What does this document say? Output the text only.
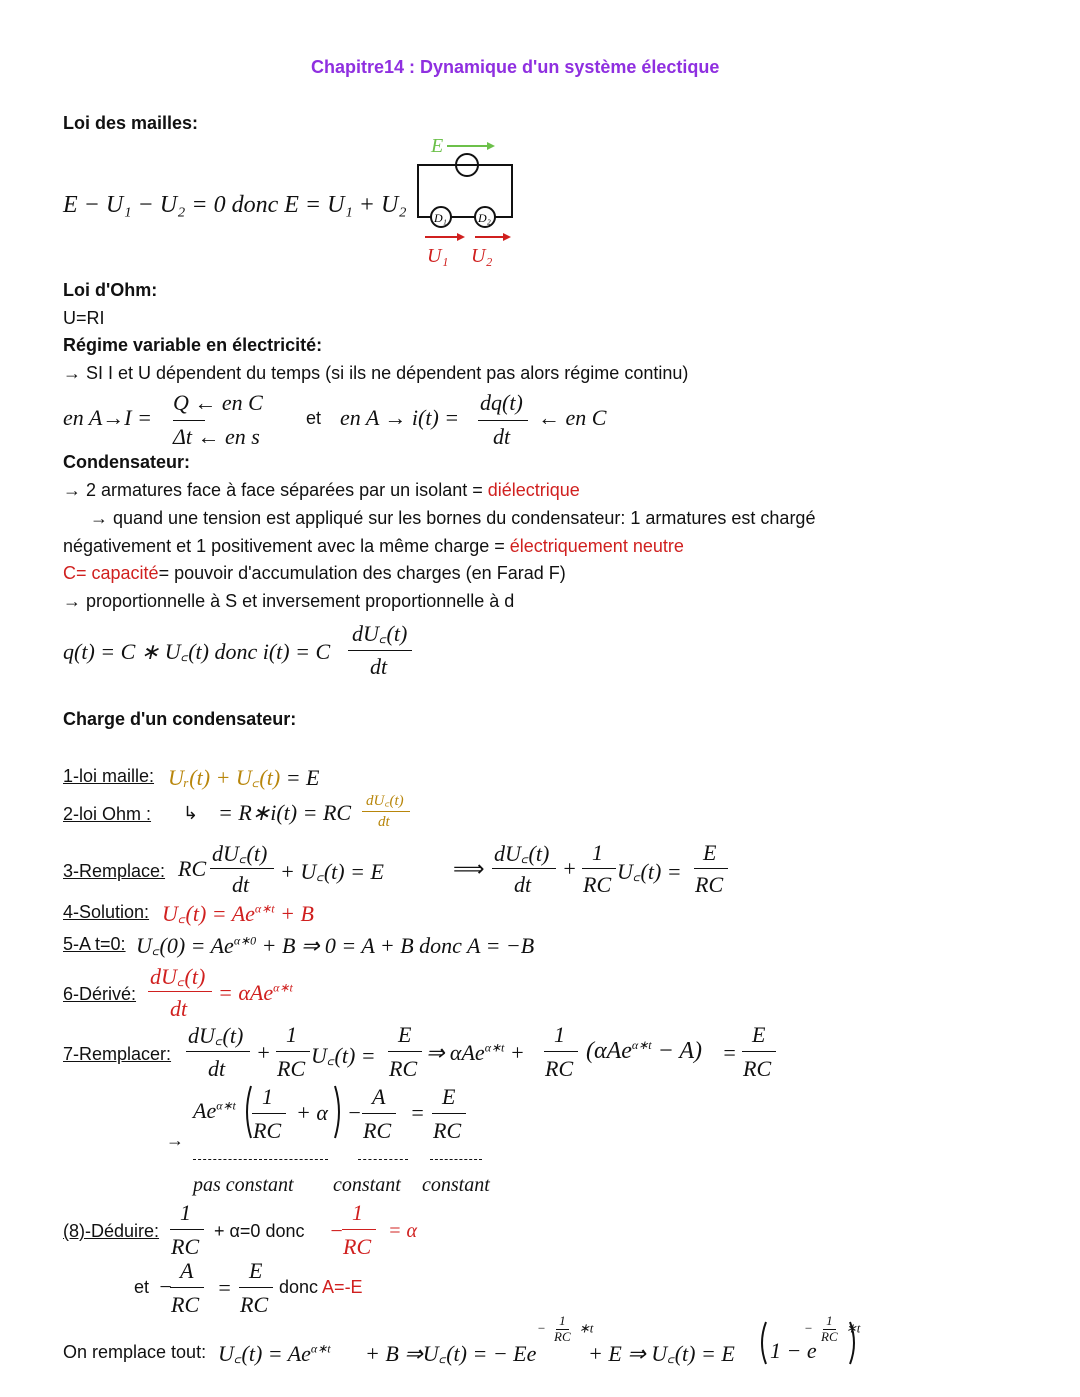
Chapitre14 : Dynamique d'un système électique
Loi des mailles:
E − U₁ − U₂ = 0 donc E = U₁ + U₂
E
D₁	D₂
U₁ U₂
Loi d'Ohm:
U=RI
Régime variable en électricité:
→ SI I et U dépendent du temps (si ils ne dépendent pas alors régime continu)
en A→I =
Q ← en C
Δt ← en s
et en A → i(t) =
dq(t)
dt
← en C
Condensateur:
→ 2 armatures face à face séparées par un isolant = diélectrique
→ quand une tension est appliqué sur les bornes du condensateur: 1 armatures est chargé
négativement et 1 positivement avec la même charge = électriquement neutre
C= capacité= pouvoir d'accumulation des charges (en Farad F)
→ proportionnelle à S et inversement proportionnelle à d
q(t) = C ∗ U꜀(t) donc i(t) = C
dU꜀(t)
dt
Charge d'un condensateur:
1-loi maille: Uᵣ(t) + U꜀(t) = E
2-loi Ohm : ↳ = R∗i(t) = RC dU꜀(t)
dt
3-Remplace: RC
dU꜀(t)
dt
+ U꜀(t) = E	⟹
dU꜀(t)
dt
+
1
RC
U꜀(t) =
E
RC
4-Solution: U꜀(t) = $Ae^{\alpha∗t} + B$
5-A t=0: U꜀(0) = $Ae^{\alpha∗0} + B$ ⇒ 0 = A + B donc A = −B
6-Dérivé:
dU꜀(t)
dt
= αAe$^{\alpha∗t}$
7-Remplacer:
dU꜀(t)
dt
+
1
RC
U꜀(t) =
E
RC
⇒ αAe$^{\alpha∗t}$ +
1
RC
(αAe$^{\alpha∗t}$ − A) =
E
RC
$Ae^{\alpha∗t}$ 1
RC
+ α −
A
RC
=
E
RC
→
pas constant constant constant
(8)-Déduire:
1
RC
+ α=0 donc −
1
RC
= α
et −
A
RC
=
E
RC
donc A=-E
On remplace tout: U꜀(t) = $Ae^{\alpha∗t} + B$ ⇒U꜀(t) = − Ee
− $\frac{1}{RC}$ ∗t
+ E ⇒ U꜀(t) = E 1 − e
− $\frac{1}{RC}$ ∗t
